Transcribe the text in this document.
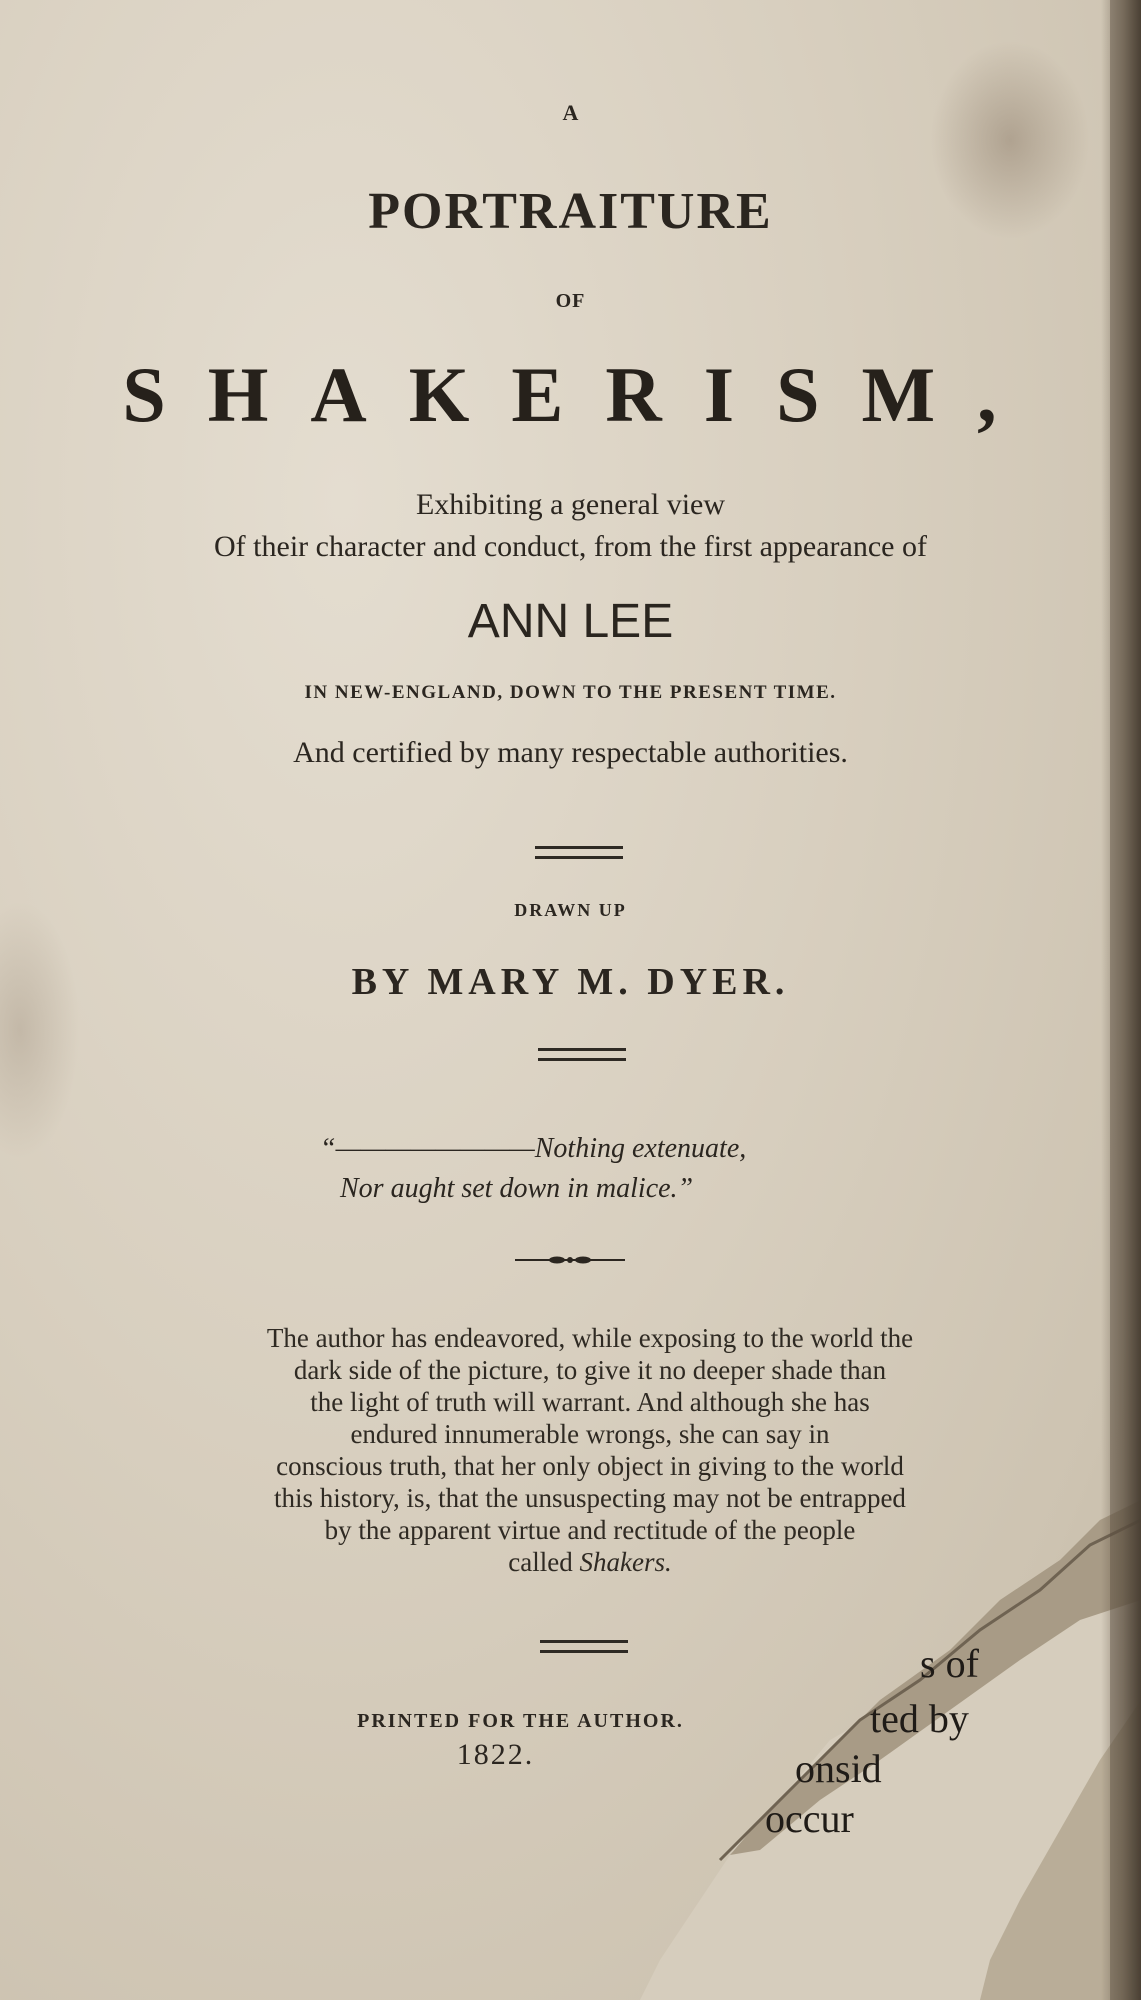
A
PORTRAITURE
OF
SHAKERISM,
Exhibiting a general view
Of their character and conduct, from the first appearance of
ANN LEE
IN NEW-ENGLAND, DOWN TO THE PRESENT TIME.
And certified by many respectable authorities.
DRAWN UP
BY MARY M. DYER.
“————————Nothing extenuate,
Nor aught set down in malice.”
The author has endeavored, while exposing to the world the
dark side of the picture, to give it no deeper shade than
the light of truth will warrant. And although she has
endured innumerable wrongs, she can say in
conscious truth, that her only object in giving to the world
this history, is, that the unsuspecting may not be entrapped
by the apparent virtue and rectitude of the people
called Shakers.
PRINTED FOR THE AUTHOR.
1822.
s of
ted by
onsid
occur
